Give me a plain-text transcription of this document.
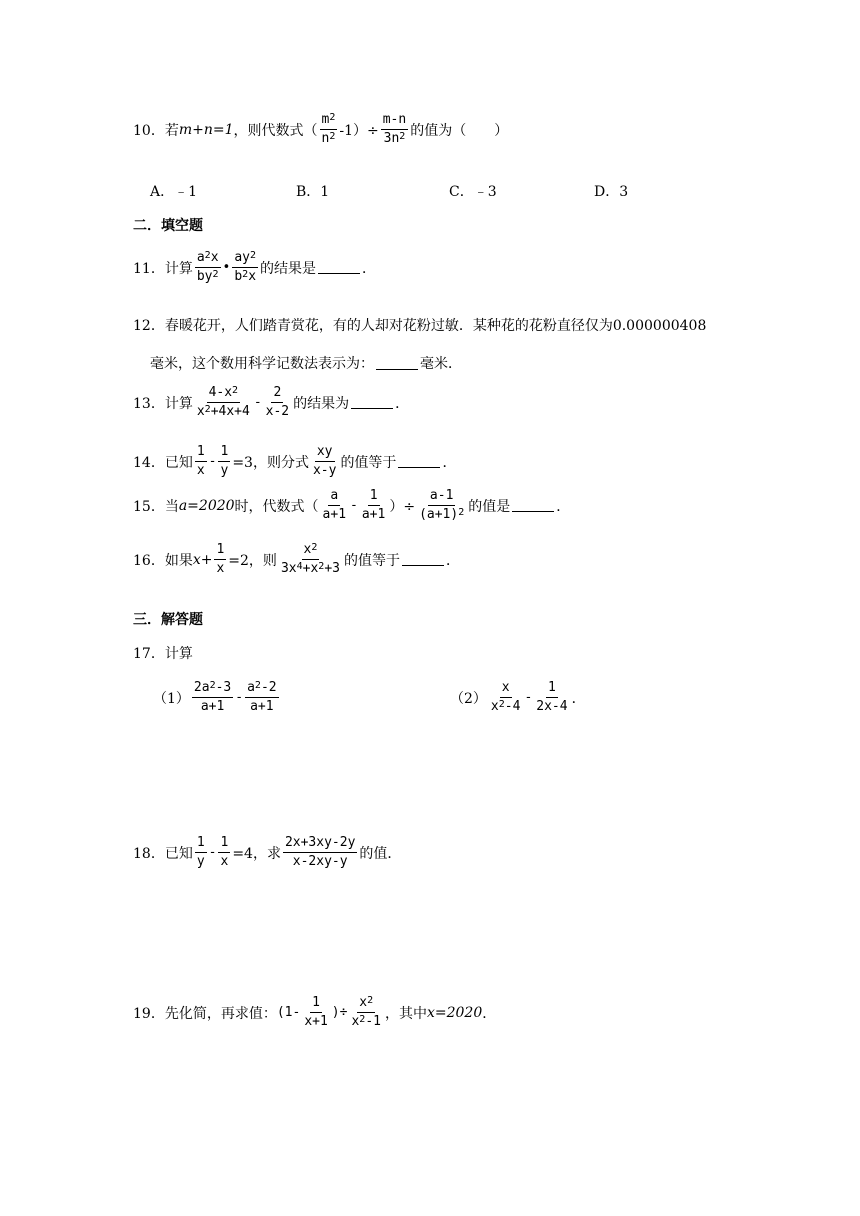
10． 若 m+n=1 ，则代数式（ $\frac{m^2}{n^2} -1)\div \frac{m-n}{3n^2}$ 的值为（　　）
A．﹣1	B．1	C．﹣3	D．3
二．填空题
11． 计算 $\frac{a^2x}{by^2}$ • $\frac{ay^2}{b^2x}$ 的结果是	．
12． 春暖花开，人们踏青赏花，有的人却对花粉过敏．某种花的花粉直径仅为0.000000408
毫米，这个数用科学记数法表示为：	毫米．
13． 计算 $\frac{4-x^2}{x^2+4x+4} - \frac{2}{x-2}$ 的结果为	．
14． 已知 $\frac{1}{x} - \frac{1}{y} =3$，则分式 $\frac{xy}{x-y}$ 的值等于	．
15． 当 a=2020 时，代数式（ $\frac{a}{a+1} - \frac{1}{a+1}$ ）÷ $\frac{a-1}{(a+1)^2}$ 的值是	．
16． 如果 $x+ \frac{1}{x} =2$，则 $\frac{x^2}{3x^4+x^2+3}$ 的值等于	．
三．解答题
17． 计算
$(1) \frac{2a^2-3}{a+1} - \frac{a^2-2}{a+1}$	$(2) \frac{x}{x^2-4} - \frac{1}{2x-4}$ ．
18． 已知 $\frac{1}{y} - \frac{1}{x} =4$，求 $\frac{2x+3xy-2y}{x-2xy-y}$ 的值．
19． 先化简，再求值： ($1- \frac{1}{x+1}$ )÷ $\frac{x^2}{x^2-1}$ ，其中 x=2020 ．
